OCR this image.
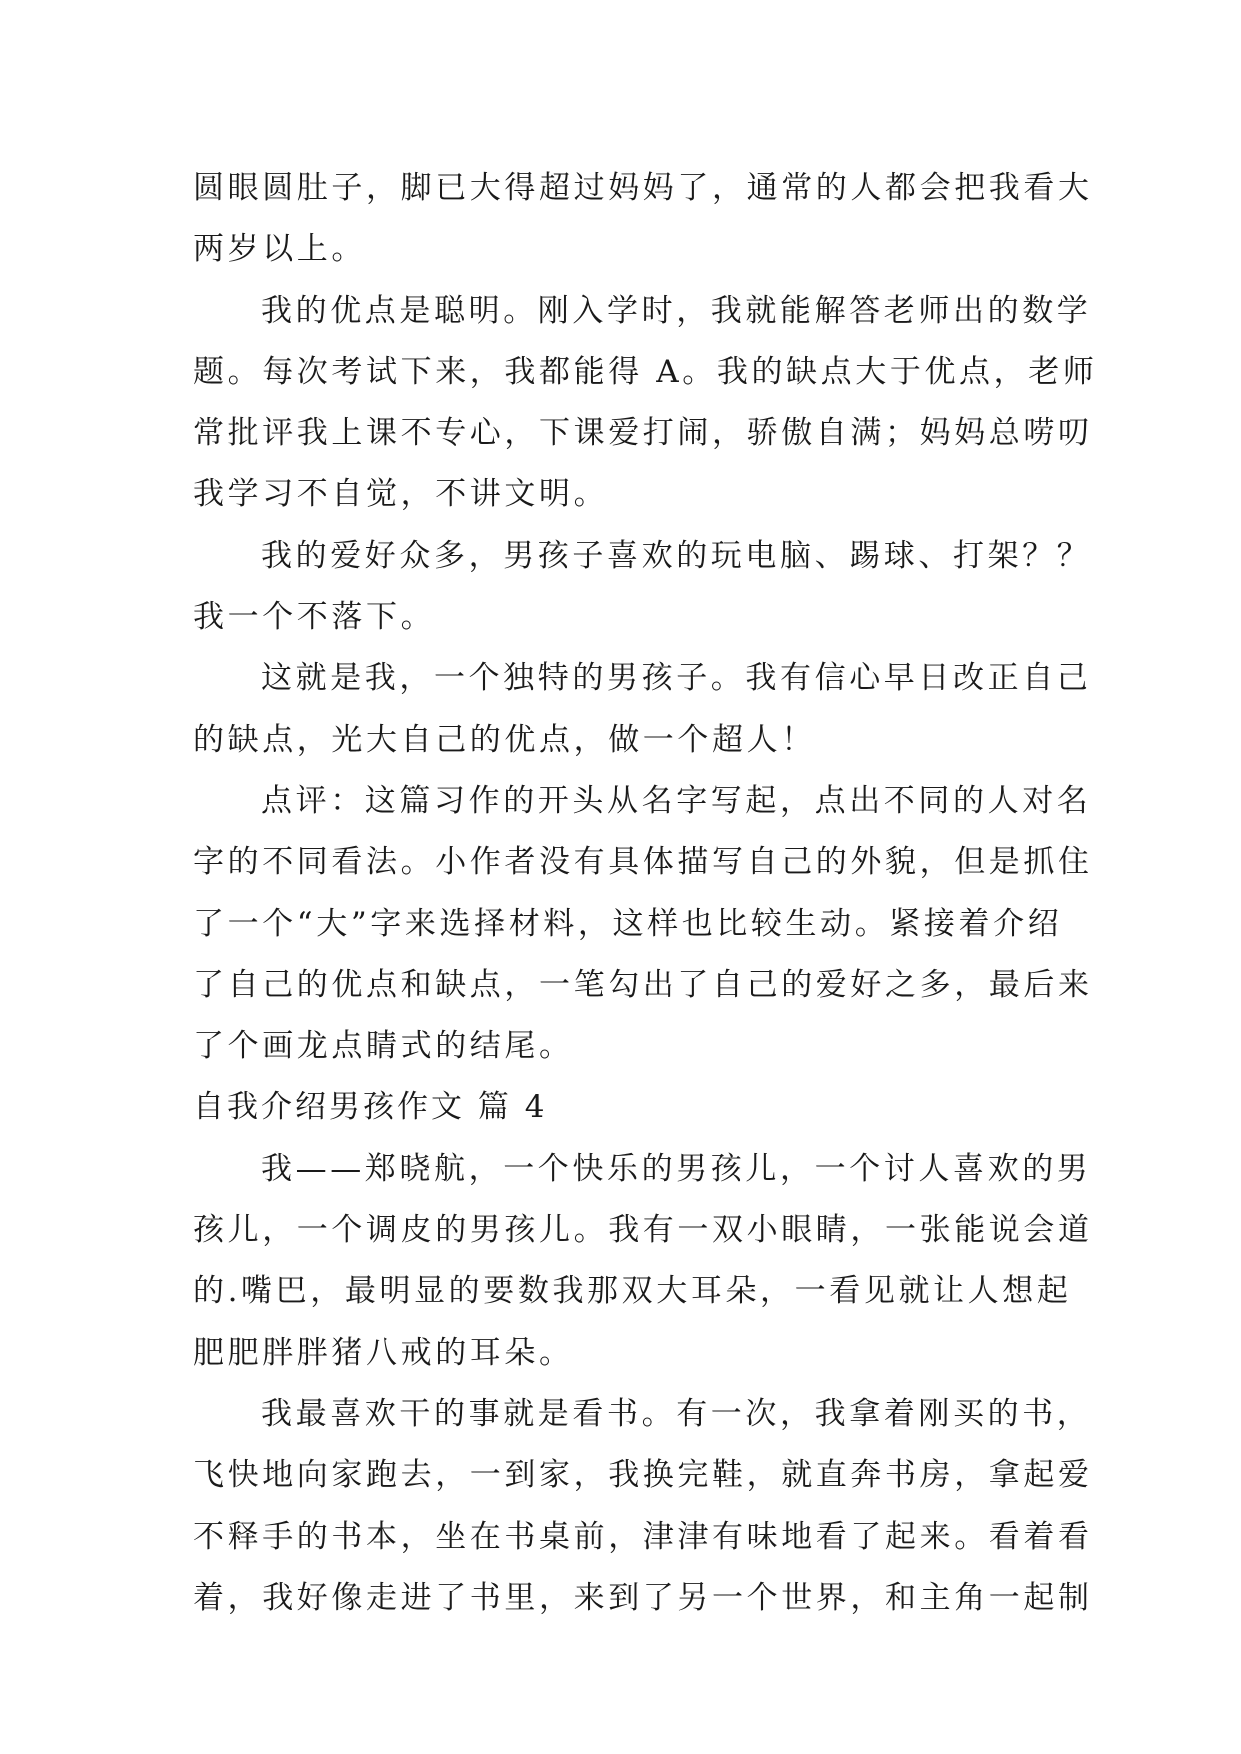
圆眼圆肚子，脚已大得超过妈妈了，通常的人都会把我看大
两岁以上。
我的优点是聪明。刚入学时，我就能解答老师出的数学
题。每次考试下来，我都能得 A。我的缺点大于优点，老师
常批评我上课不专心，下课爱打闹，骄傲自满；妈妈总唠叨
我学习不自觉，不讲文明。
我的爱好众多，男孩子喜欢的玩电脑、踢球、打架？？
我一个不落下。
这就是我，一个独特的男孩子。我有信心早日改正自己
的缺点，光大自己的优点，做一个超人！
点评：这篇习作的开头从名字写起，点出不同的人对名
字的不同看法。小作者没有具体描写自己的外貌，但是抓住
了一个“大”字来选择材料，这样也比较生动。紧接着介绍
了自己的优点和缺点，一笔勾出了自己的爱好之多，最后来
了个画龙点睛式的结尾。
自我介绍男孩作文 篇 4
我——郑晓航，一个快乐的男孩儿，一个讨人喜欢的男
孩儿，一个调皮的男孩儿。我有一双小眼睛，一张能说会道
的.嘴巴，最明显的要数我那双大耳朵，一看见就让人想起
肥肥胖胖猪八戒的耳朵。
我最喜欢干的事就是看书。有一次，我拿着刚买的书，
飞快地向家跑去，一到家，我换完鞋，就直奔书房，拿起爱
不释手的书本，坐在书桌前，津津有味地看了起来。看着看
着，我好像走进了书里，来到了另一个世界，和主角一起制
